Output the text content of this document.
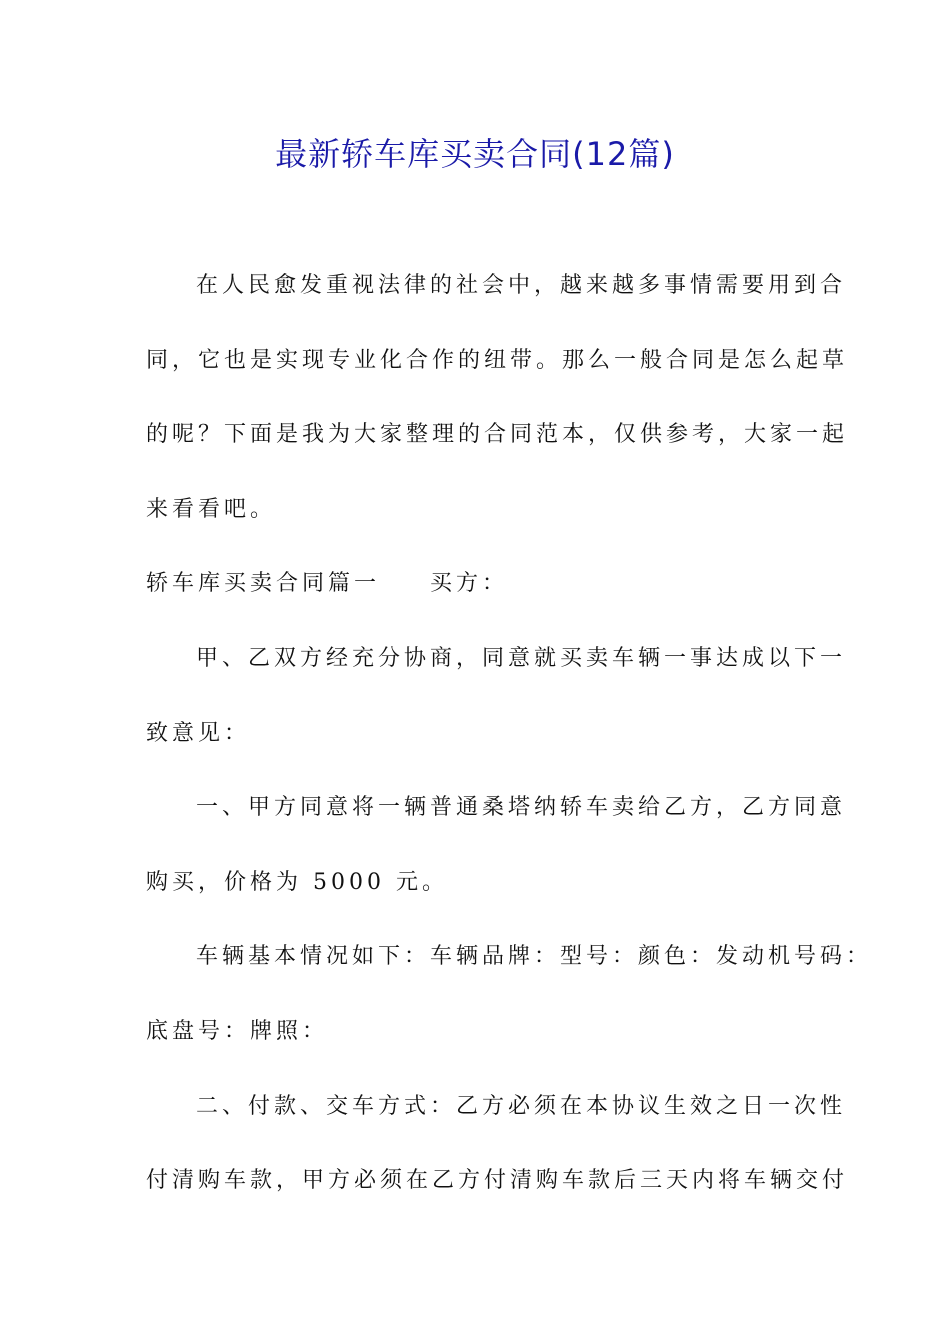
最新轿车库买卖合同(12篇)
在人民愈发重视法律的社会中，越来越多事情需要用到合
同，它也是实现专业化合作的纽带。那么一般合同是怎么起草
的呢？下面是我为大家整理的合同范本，仅供参考，大家一起
来看看吧。
轿车库买卖合同篇一 买方：
甲、乙双方经充分协商，同意就买卖车辆一事达成以下一
致意见：
一、甲方同意将一辆普通桑塔纳轿车卖给乙方，乙方同意
购买，价格为 5000 元。
车辆基本情况如下：车辆品牌：型号：颜色：发动机号码：
底盘号：牌照：
二、付款、交车方式：乙方必须在本协议生效之日一次性
付清购车款，甲方必须在乙方付清购车款后三天内将车辆交付
